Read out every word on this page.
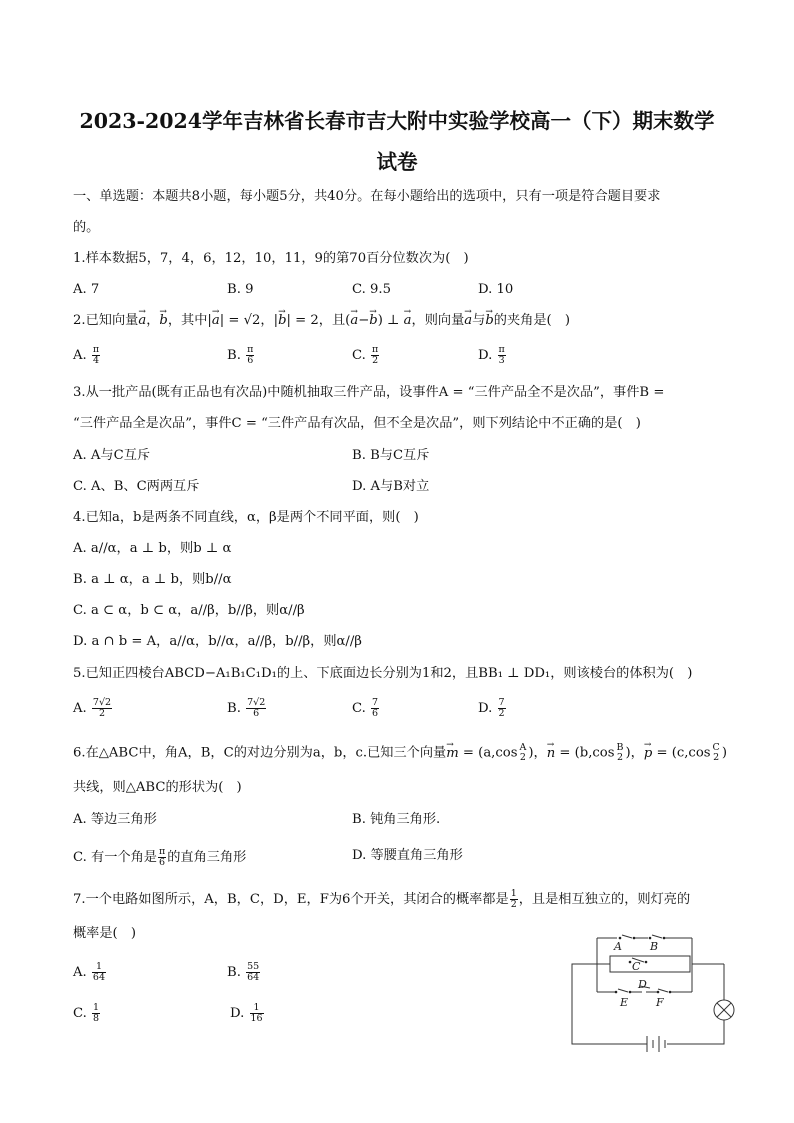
2023-2024学年吉林省长春市吉大附中实验学校高一（下）期末数学
试卷
一、单选题：本题共8小题，每小题5分，共40分。在每小题给出的选项中，只有一项是符合题目要求
的。
1.样本数据5，7，4，6，12，10，11，9的第70百分位数次为(　)
A. 7	B. 9	C. 9.5	D. 10
2.已知向量→ a，→ b，其中|→ a| = √2，|→ b| = 2，且(→ a−→ b) ⊥ → a，则向量→ a与→ b的夹角是(　)
A. $\frac{\pi}{4}$	B. $\frac{\pi}{6}$	C. $\frac{\pi}{2}$	D. $\frac{\pi}{3}$
3.从一批产品(既有正品也有次品)中随机抽取三件产品，设事件A = “三件产品全不是次品”，事件B =
“三件产品全是次品”，事件C = “三件产品有次品，但不全是次品”，则下列结论中不正确的是(　)
A. A与C互斥	B. B与C互斥
C. A、B、C两两互斥	D. A与B对立
4.已知a，b是两条不同直线，α，β是两个不同平面，则(　)
A. a//α，a ⊥ b，则b ⊥ α
B. a ⊥ α，a ⊥ b，则b//α
C. a ⊂ α，b ⊂ α，a//β，b//β，则α//β
D. a ∩ b = A，a//α，b//α，a//β，b//β，则α//β
5.已知正四棱台ABCD−A₁B₁C₁D₁的上、下底面边长分别为1和2，且BB₁ ⊥ DD₁，则该棱台的体积为(　)
A. $\frac{7√2}{2}$	B. $\frac{7√2}{6}$	C. $\frac{7}{6}$	D. $\frac{7}{2}$
6.在△ABC中，角A，B，C的对边分别为a，b，c.已知三个向量→ m = (a,cos A
2 )，→ n = (b,cos B
2 )，→ p = (c,cos C
2 )
共线，则△ABC的形状为(　)
A. 等边三角形	B. 钝角三角形.
C. 有一个角是 $\frac{\pi}{6}$ 的直角三角形	D. 等腰直角三角形
7.一个电路如图所示，A，B，C，D，E，F为6个开关，其闭合的概率都是 $\frac{1}{2}$ ，且是相互独立的，则灯亮的
概率是(　)
A. $\frac{1}{64}$	B. $\frac{55}{64}$
C. $\frac{1}{8}$	D. $\frac{1}{16}$
A	B
C
D
E	F
